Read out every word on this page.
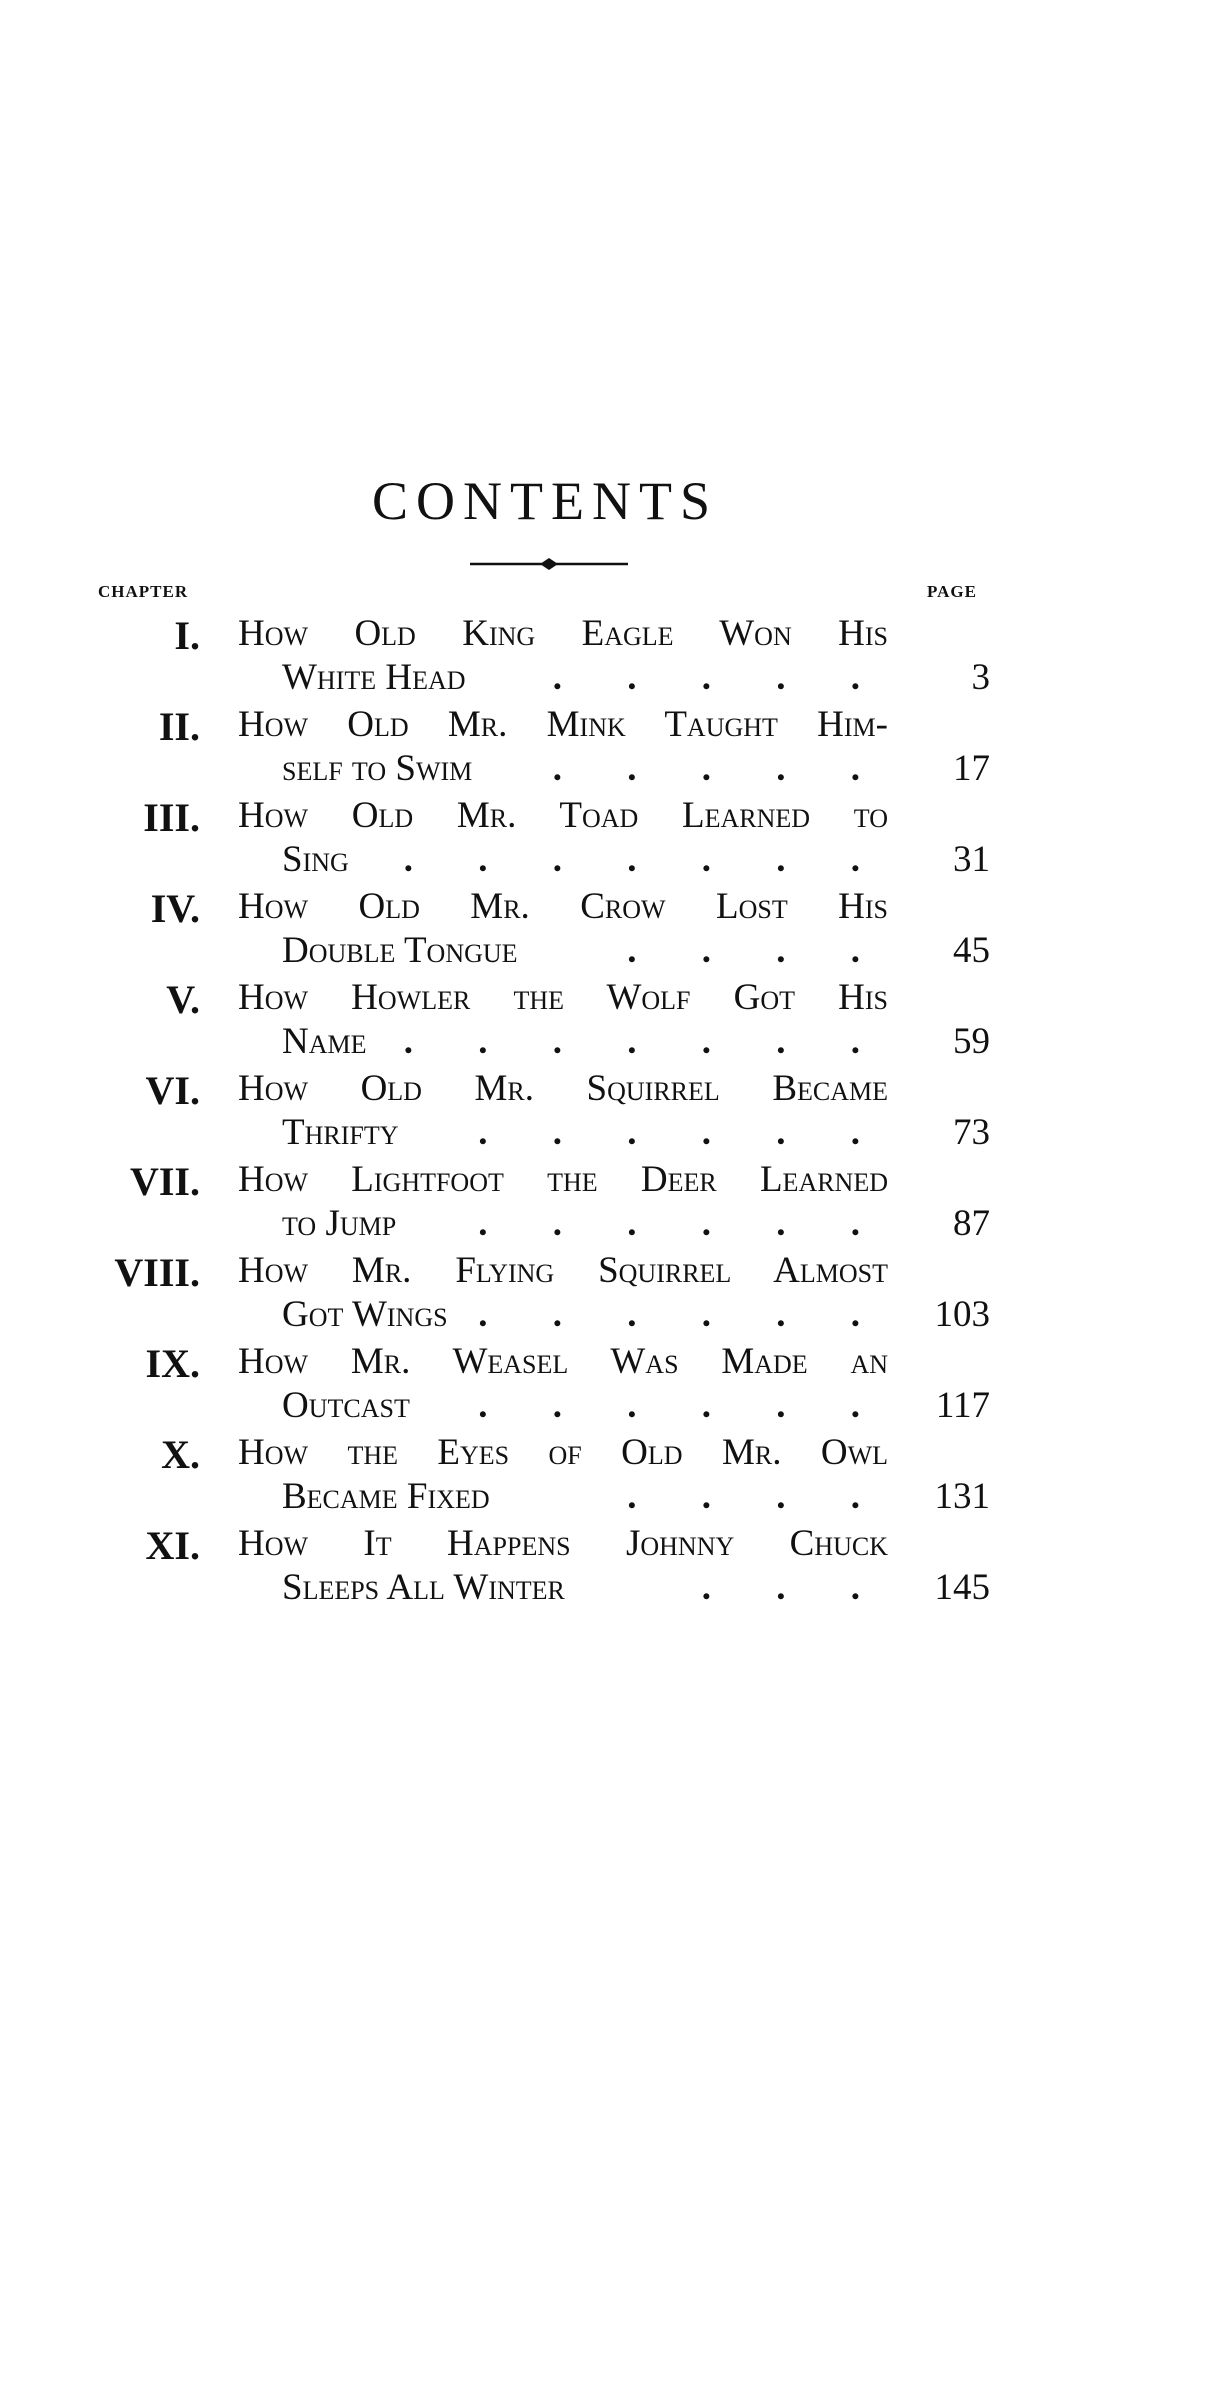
CONTENTS
CHAPTER	PAGE
I. How Old King Eagle Won His
White Head . . . . .	3
II. How Old Mr. Mink Taught Him-
self to Swim . . . . .	17
III. How Old Mr. Toad Learned to
Sing . . . . . . .	31
IV. How Old Mr. Crow Lost His
Double Tongue	. . . .	45
V. How Howler the Wolf Got His
Name . . . . . . .	59
VI. How Old Mr. Squirrel Became
Thrifty . . . . . .	73
VII. How Lightfoot the Deer Learned
to Jump . . . . . .	87
VIII. How Mr. Flying Squirrel Almost
Got Wings . . . . . .	103
IX. How Mr. Weasel Was Made an
Outcast . . . . . .	117
X. How the Eyes of Old Mr. Owl
Became Fixed	. . . .	131
XI. How It Happens Johnny Chuck
Sleeps All Winter	. . .	145
